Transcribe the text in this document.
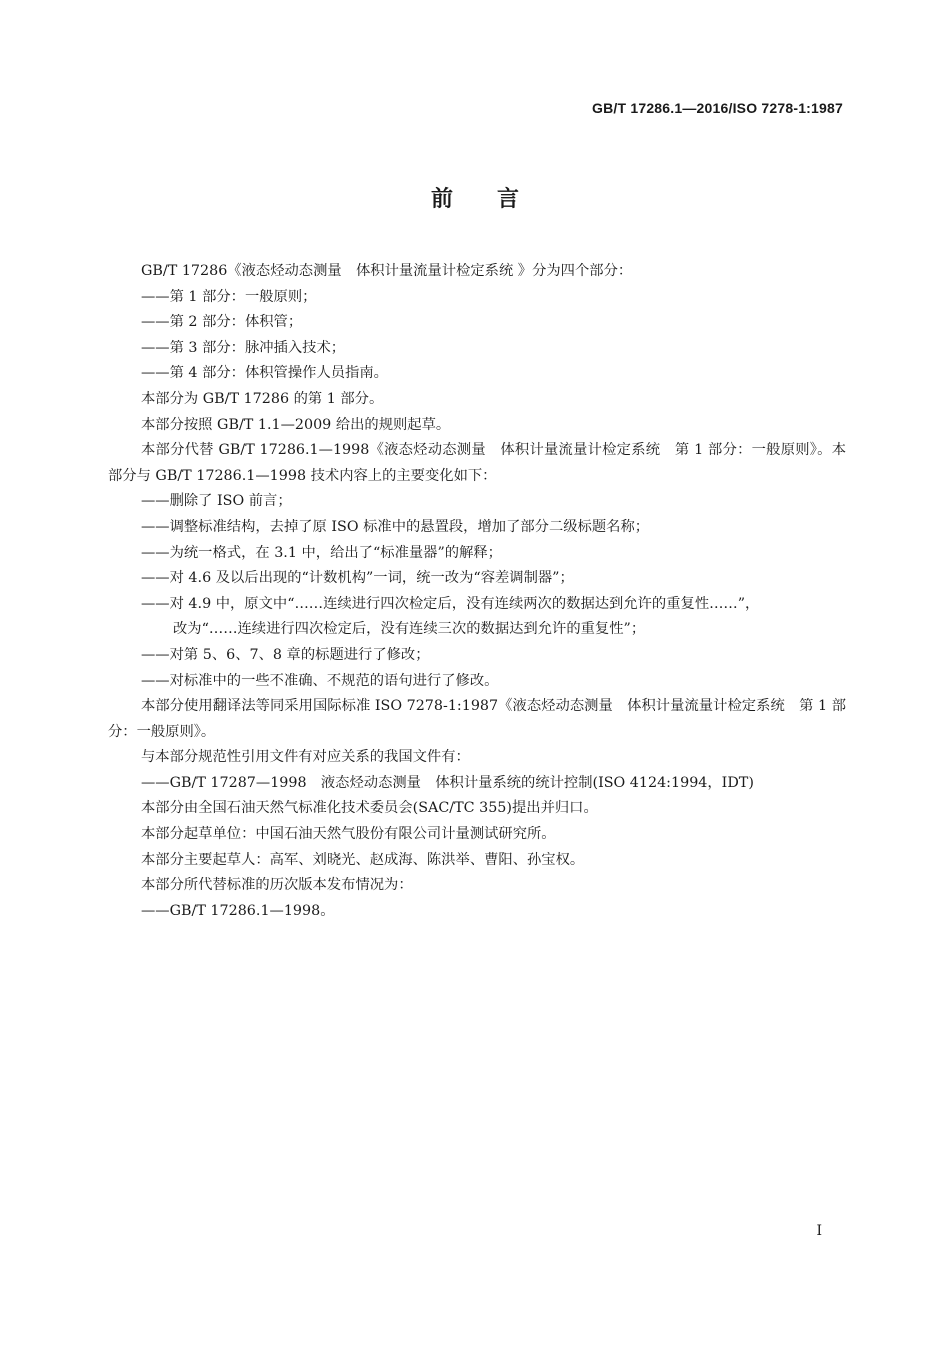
GB/T 17286.1—2016/ISO 7278-1:1987
前言

GB/T 17286《液态烃动态测量　体积计量流量计检定系统 》分为四个部分：

——第 1 部分：一般原则；

——第 2 部分：体积管；

——第 3 部分：脉冲插入技术；

——第 4 部分：体积管操作人员指南。

本部分为 GB/T 17286 的第 1 部分。

本部分按照 GB/T 1.1—2009 给出的规则起草。

本部分代替 GB/T 17286.1—1998《液态烃动态测量　体积计量流量计检定系统　第 1 部分：一般原则》。本部分与 GB/T 17286.1—1998 技术内容上的主要变化如下：

——删除了 ISO 前言；

——调整标准结构，去掉了原 ISO 标准中的悬置段，增加了部分二级标题名称；

——为统一格式，在 3.1 中，给出了“标准量器”的解释；

——对 4.6 及以后出现的“计数机构”一词，统一改为“容差调制器”；

——对 4.9 中，原文中“……连续进行四次检定后，没有连续两次的数据达到允许的重复性……”，

改为“……连续进行四次检定后，没有连续三次的数据达到允许的重复性”；

——对第 5、6、7、8 章的标题进行了修改；

——对标准中的一些不准确、不规范的语句进行了修改。

本部分使用翻译法等同采用国际标准 ISO 7278-1:1987《液态烃动态测量　体积计量流量计检定系统　第 1 部分：一般原则》。

与本部分规范性引用文件有对应关系的我国文件有：

——GB/T 17287—1998　液态烃动态测量　体积计量系统的统计控制(ISO 4124:1994，IDT)

本部分由全国石油天然气标准化技术委员会(SAC/TC 355)提出并归口。

本部分起草单位：中国石油天然气股份有限公司计量测试研究所。

本部分主要起草人：高军、刘晓光、赵成海、陈洪举、曹阳、孙宝权。

本部分所代替标准的历次版本发布情况为：

——GB/T 17286.1—1998。

I
